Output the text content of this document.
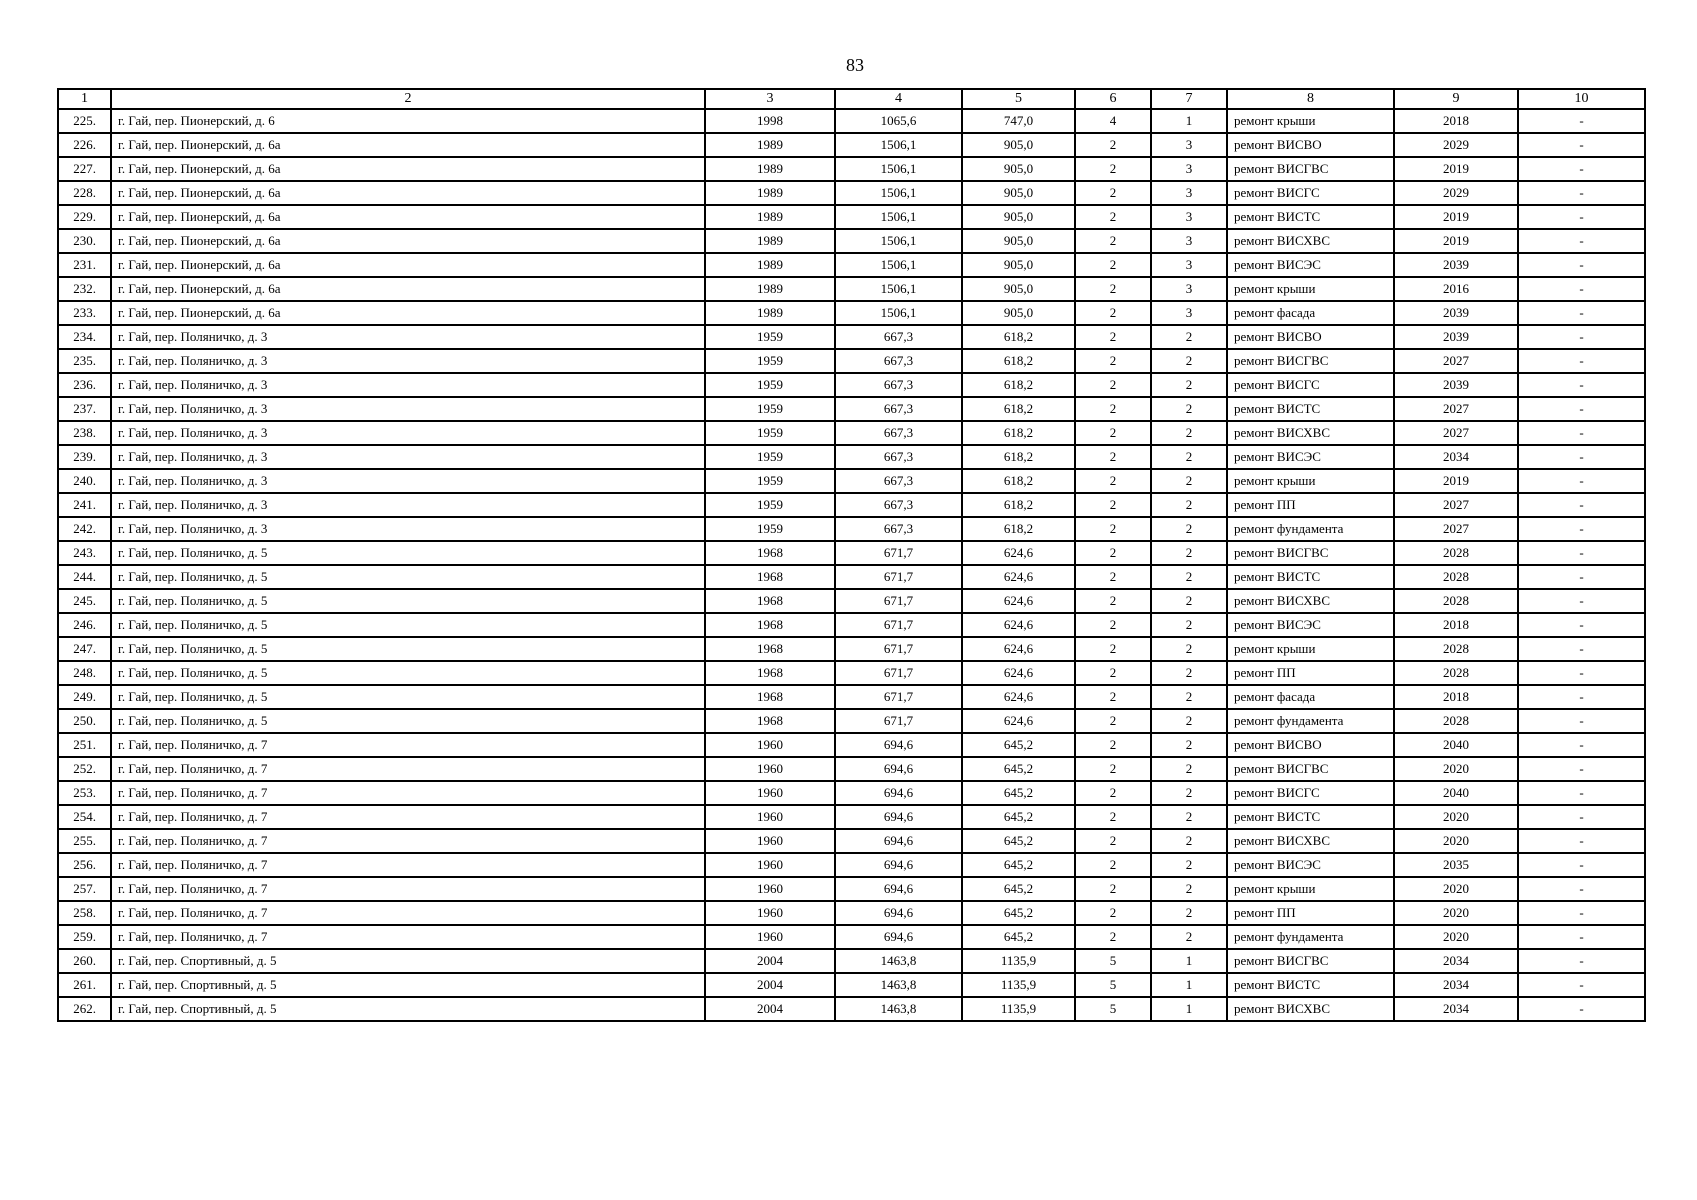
83
1	2	3	4	5	6	7	8	9	10
225.	г. Гай, пер. Пионерский, д. 6	1998	1065,6	747,0	4	1	ремонт крыши	2018	-
226.	г. Гай, пер. Пионерский, д. 6а	1989	1506,1	905,0	2	3	ремонт ВИСВО	2029	-
227.	г. Гай, пер. Пионерский, д. 6а	1989	1506,1	905,0	2	3	ремонт ВИСГВС	2019	-
228.	г. Гай, пер. Пионерский, д. 6а	1989	1506,1	905,0	2	3	ремонт ВИСГС	2029	-
229.	г. Гай, пер. Пионерский, д. 6а	1989	1506,1	905,0	2	3	ремонт ВИСТС	2019	-
230.	г. Гай, пер. Пионерский, д. 6а	1989	1506,1	905,0	2	3	ремонт ВИСХВС	2019	-
231.	г. Гай, пер. Пионерский, д. 6а	1989	1506,1	905,0	2	3	ремонт ВИСЭС	2039	-
232.	г. Гай, пер. Пионерский, д. 6а	1989	1506,1	905,0	2	3	ремонт крыши	2016	-
233.	г. Гай, пер. Пионерский, д. 6а	1989	1506,1	905,0	2	3	ремонт фасада	2039	-
234.	г. Гай, пер. Поляничко, д. 3	1959	667,3	618,2	2	2	ремонт ВИСВО	2039	-
235.	г. Гай, пер. Поляничко, д. 3	1959	667,3	618,2	2	2	ремонт ВИСГВС	2027	-
236.	г. Гай, пер. Поляничко, д. 3	1959	667,3	618,2	2	2	ремонт ВИСГС	2039	-
237.	г. Гай, пер. Поляничко, д. 3	1959	667,3	618,2	2	2	ремонт ВИСТС	2027	-
238.	г. Гай, пер. Поляничко, д. 3	1959	667,3	618,2	2	2	ремонт ВИСХВС	2027	-
239.	г. Гай, пер. Поляничко, д. 3	1959	667,3	618,2	2	2	ремонт ВИСЭС	2034	-
240.	г. Гай, пер. Поляничко, д. 3	1959	667,3	618,2	2	2	ремонт крыши	2019	-
241.	г. Гай, пер. Поляничко, д. 3	1959	667,3	618,2	2	2	ремонт ПП	2027	-
242.	г. Гай, пер. Поляничко, д. 3	1959	667,3	618,2	2	2	ремонт фундамента	2027	-
243.	г. Гай, пер. Поляничко, д. 5	1968	671,7	624,6	2	2	ремонт ВИСГВС	2028	-
244.	г. Гай, пер. Поляничко, д. 5	1968	671,7	624,6	2	2	ремонт ВИСТС	2028	-
245.	г. Гай, пер. Поляничко, д. 5	1968	671,7	624,6	2	2	ремонт ВИСХВС	2028	-
246.	г. Гай, пер. Поляничко, д. 5	1968	671,7	624,6	2	2	ремонт ВИСЭС	2018	-
247.	г. Гай, пер. Поляничко, д. 5	1968	671,7	624,6	2	2	ремонт крыши	2028	-
248.	г. Гай, пер. Поляничко, д. 5	1968	671,7	624,6	2	2	ремонт ПП	2028	-
249.	г. Гай, пер. Поляничко, д. 5	1968	671,7	624,6	2	2	ремонт фасада	2018	-
250.	г. Гай, пер. Поляничко, д. 5	1968	671,7	624,6	2	2	ремонт фундамента	2028	-
251.	г. Гай, пер. Поляничко, д. 7	1960	694,6	645,2	2	2	ремонт ВИСВО	2040	-
252.	г. Гай, пер. Поляничко, д. 7	1960	694,6	645,2	2	2	ремонт ВИСГВС	2020	-
253.	г. Гай, пер. Поляничко, д. 7	1960	694,6	645,2	2	2	ремонт ВИСГС	2040	-
254.	г. Гай, пер. Поляничко, д. 7	1960	694,6	645,2	2	2	ремонт ВИСТС	2020	-
255.	г. Гай, пер. Поляничко, д. 7	1960	694,6	645,2	2	2	ремонт ВИСХВС	2020	-
256.	г. Гай, пер. Поляничко, д. 7	1960	694,6	645,2	2	2	ремонт ВИСЭС	2035	-
257.	г. Гай, пер. Поляничко, д. 7	1960	694,6	645,2	2	2	ремонт крыши	2020	-
258.	г. Гай, пер. Поляничко, д. 7	1960	694,6	645,2	2	2	ремонт ПП	2020	-
259.	г. Гай, пер. Поляничко, д. 7	1960	694,6	645,2	2	2	ремонт фундамента	2020	-
260.	г. Гай, пер. Спортивный, д. 5	2004	1463,8	1135,9	5	1	ремонт ВИСГВС	2034	-
261.	г. Гай, пер. Спортивный, д. 5	2004	1463,8	1135,9	5	1	ремонт ВИСТС	2034	-
262.	г. Гай, пер. Спортивный, д. 5	2004	1463,8	1135,9	5	1	ремонт ВИСХВС	2034	-
